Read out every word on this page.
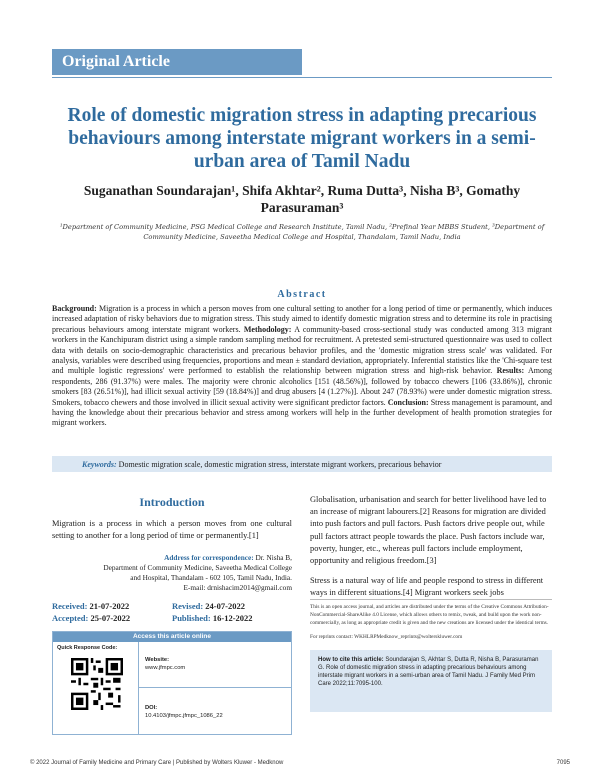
Original Article
Role of domestic migration stress in adapting precarious behaviours among interstate migrant workers in a semi-urban area of Tamil Nadu
Suganathan Soundarajan¹, Shifa Akhtar², Ruma Dutta³, Nisha B³, Gomathy Parasuraman³
¹Department of Community Medicine, PSG Medical College and Research Institute, Tamil Nadu, ²Prefinal Year MBBS Student, ³Department of Community Medicine, Saveetha Medical College and Hospital, Thandalam, Tamil Nadu, India
Abstract
Background: Migration is a process in which a person moves from one cultural setting to another for a long period of time or permanently, which induces increased adaptation of risky behaviors due to migration stress. This study aimed to identify domestic migration stress and to determine its role in practising precarious behaviours among interstate migrant workers. Methodology: A community-based cross-sectional study was conducted among 313 migrant workers in the Kanchipuram district using a simple random sampling method for recruitment. A pretested semi-structured questionnaire was used to collect data with details on socio-demographic characteristics and precarious behavior profiles, and the 'domestic migration stress scale' was validated. For analysis, variables were described using frequencies, proportions and mean ± standard deviation, appropriately. Inferential statistics like the 'Chi-square test and multiple logistic regressions' were performed to establish the relationship between migration stress and high-risk behavior. Results: Among respondents, 286 (91.37%) were males. The majority were chronic alcoholics [151 (48.56%)], followed by tobacco chewers [106 (33.86%)], chronic smokers [83 (26.51%)], had illicit sexual activity [59 (18.84%)] and drug abusers [4 (1.27%)]. About 247 (78.93%) were under domestic migration stress. Smokers, tobacco chewers and those involved in illicit sexual activity were significant predictor factors. Conclusion: Stress management is paramount, and having the knowledge about their precarious behavior and stress among workers will help in the further development of health promotion strategies for migrant workers.
Keywords: Domestic migration scale, domestic migration stress, interstate migrant workers, precarious behavior
Introduction

Migration is a process in which a person moves from one cultural setting to another for a long period of time or permanently.[1]

Address for correspondence: Dr. Nisha B,
Department of Community Medicine, Saveetha Medical College
and Hospital, Thandalam - 602 105, Tamil Nadu, India.
E-mail: drnishacim2014@gmail.com
Received: 21-07-2022	Revised: 24-07-2022
Accepted: 25-07-2022	Published: 16-12-2022
Access this article online
Quick Response Code:
Website:
www.jfmpc.com
DOI:
10.4103/jfmpc.jfmpc_1086_22

Globalisation, urbanisation and search for better livelihood have led to an increase of migrant labourers.[2] Reasons for migration are divided into push factors and pull factors. Push factors drive people out, while pull factors attract people towards the place. Push factors include war, poverty, hunger, etc., whereas pull factors include employment, opportunity and religious freedom.[3]

Stress is a natural way of life and people respond to stress in different ways in different situations.[4] Migrant workers seek jobs

This is an open access journal, and articles are distributed under the terms of the Creative Commons Attribution-NonCommercial-ShareAlike 4.0 License, which allows others to remix, tweak, and build upon the work non-commercially, as long as appropriate credit is given and the new creations are licensed under the identical terms.
For reprints contact: WKHLRPMedknow_reprints@wolterskluwer.com
How to cite this article: Soundarajan S, Akhtar S, Dutta R, Nisha B, Parasuraman G. Role of domestic migration stress in adapting precarious behaviours among interstate migrant workers in a semi-urban area of Tamil Nadu. J Family Med Prim Care 2022;11:7095-100.
© 2022 Journal of Family Medicine and Primary Care | Published by Wolters Kluwer - Medknow	7095
